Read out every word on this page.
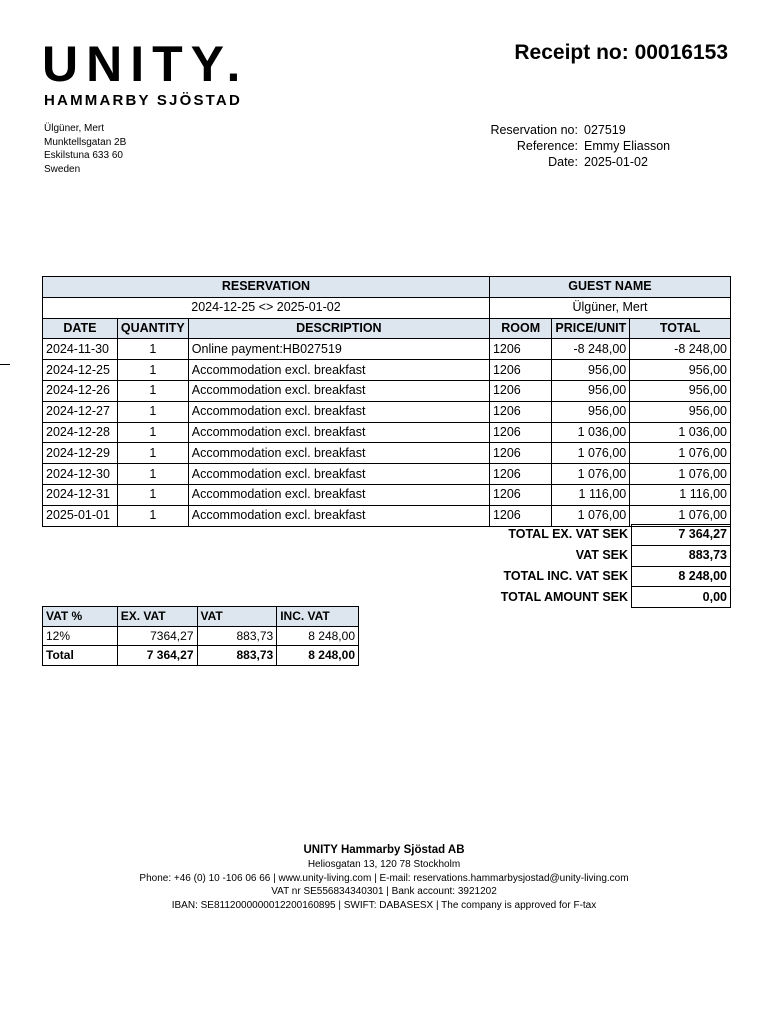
UNITY.
HAMMARBY SJÖSTAD
Receipt no: 00016153
Ülgüner, Mert
Munktellsgatan 2B
Eskilstuna 633 60
Sweden
Reservation no: 027519
Reference: Emmy Eliasson
Date: 2025-01-02
RESERVATION			GUEST NAME		
2024-12-25 <> 2025-01-02			Ülgüner, Mert		
DATE	QUANTITY	DESCRIPTION	ROOM	PRICE/UNIT	TOTAL
2024-11-30	1	Online payment:HB027519	1206	-8 248,00	-8 248,00
2024-12-25	1	Accommodation excl. breakfast	1206	956,00	956,00
2024-12-26	1	Accommodation excl. breakfast	1206	956,00	956,00
2024-12-27	1	Accommodation excl. breakfast	1206	956,00	956,00
2024-12-28	1	Accommodation excl. breakfast	1206	1 036,00	1 036,00
2024-12-29	1	Accommodation excl. breakfast	1206	1 076,00	1 076,00
2024-12-30	1	Accommodation excl. breakfast	1206	1 076,00	1 076,00
2024-12-31	1	Accommodation excl. breakfast	1206	1 116,00	1 116,00
2025-01-01	1	Accommodation excl. breakfast	1206	1 076,00	1 076,00
TOTAL EX. VAT SEK	7 364,27
VAT SEK	883,73
TOTAL INC. VAT SEK	8 248,00
TOTAL AMOUNT SEK	0,00
VAT %	EX. VAT	VAT	INC. VAT
12%	7364,27	883,73	8 248,00
Total	7 364,27	883,73	8 248,00
UNITY Hammarby Sjöstad AB
Heliosgatan 13, 120 78 Stockholm
Phone: +46 (0) 10 -106 06 66 | www.unity-living.com | E-mail: reservations.hammarbysjostad@unity-living.com
VAT nr SE556834340301 | Bank account: 3921202
IBAN: SE8112000000012200160895 | SWIFT: DABASESX | The company is approved for F-tax
